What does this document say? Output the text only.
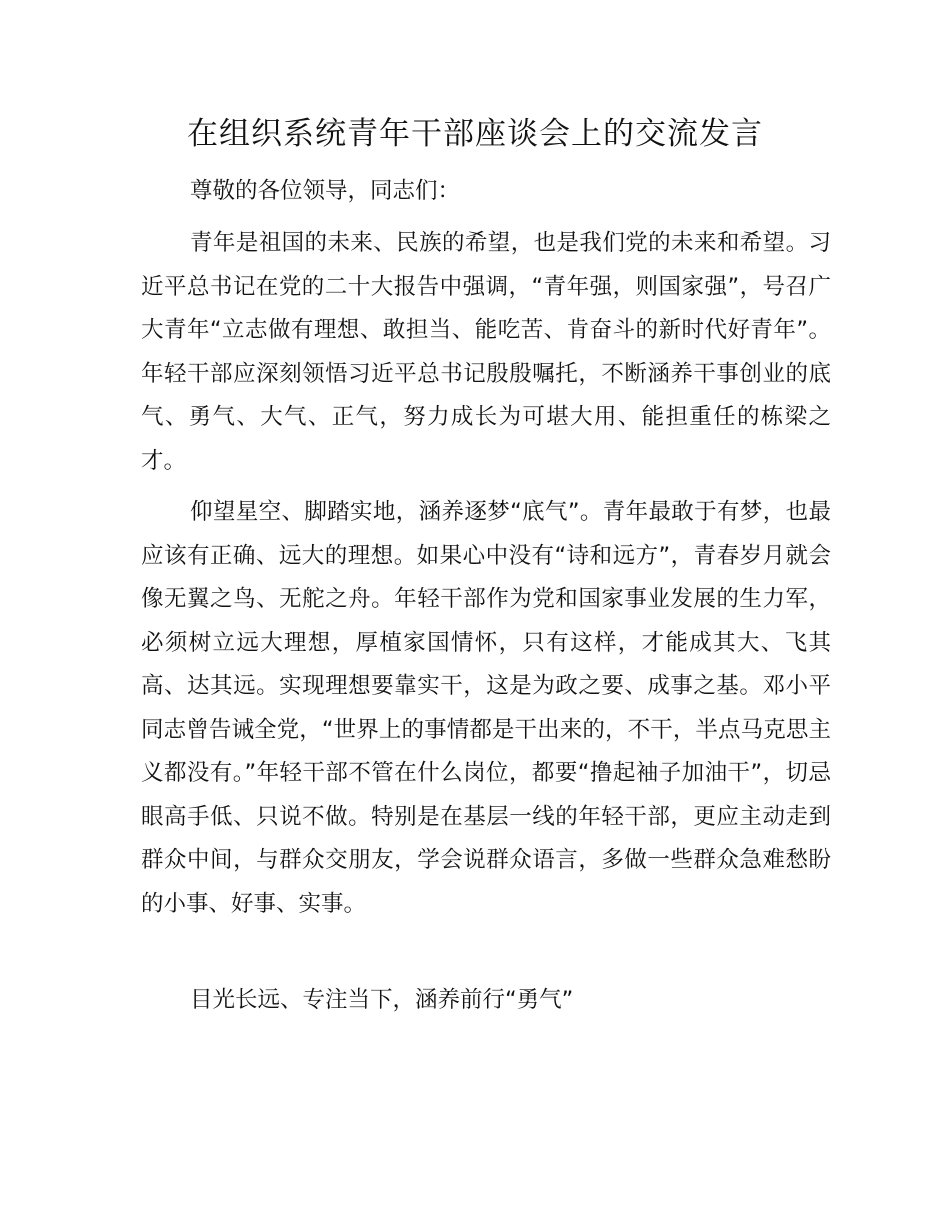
在组织系统青年干部座谈会上的交流发言

尊敬的各位领导，同志们：

青年是祖国的未来、民族的希望，也是我们党的未来和希望。习近平总书记在党的二十大报告中强调，“青年强，则国家强”，号召广大青年“立志做有理想、敢担当、能吃苦、肯奋斗的新时代好青年”。年轻干部应深刻领悟习近平总书记殷殷嘱托，不断涵养干事创业的底气、勇气、大气、正气，努力成长为可堪大用、能担重任的栋梁之才。

仰望星空、脚踏实地，涵养逐梦“底气”。青年最敢于有梦，也最应该有正确、远大的理想。如果心中没有“诗和远方”，青春岁月就会像无翼之鸟、无舵之舟。年轻干部作为党和国家事业发展的生力军，必须树立远大理想，厚植家国情怀，只有这样，才能成其大、飞其高、达其远。实现理想要靠实干，这是为政之要、成事之基。邓小平同志曾告诫全党，“世界上的事情都是干出来的，不干，半点马克思主义都没有。”年轻干部不管在什么岗位，都要“撸起袖子加油干”，切忌眼高手低、只说不做。特别是在基层一线的年轻干部，更应主动走到群众中间，与群众交朋友，学会说群众语言，多做一些群众急难愁盼的小事、好事、实事。

目光长远、专注当下，涵养前行“勇气”
